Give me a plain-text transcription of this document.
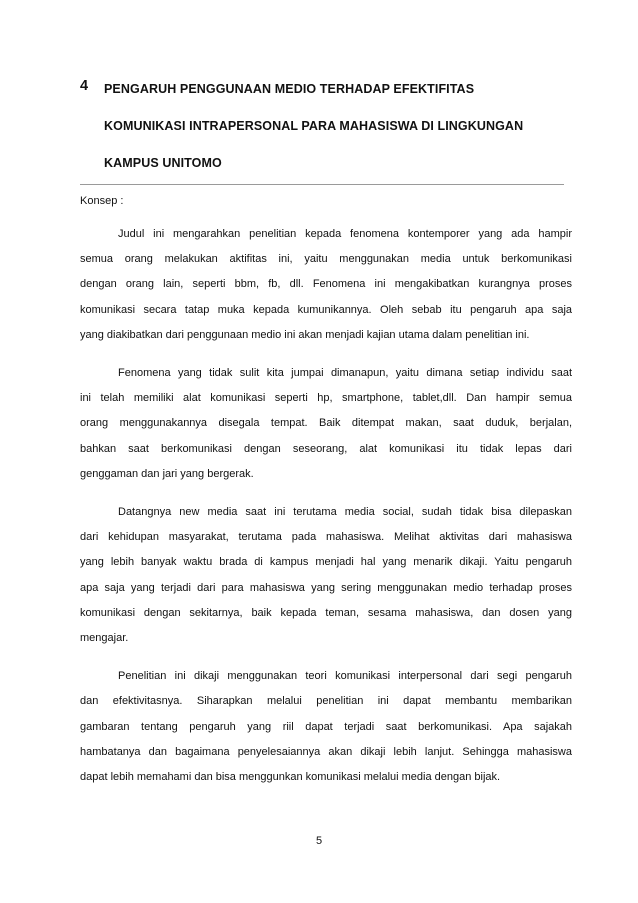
4 PENGARUH PENGGUNAAN MEDIO TERHADAP EFEKTIFITAS
KOMUNIKASI INTRAPERSONAL PARA MAHASISWA DI LINGKUNGAN
KAMPUS UNITOMO
Konsep :

Judul ini mengarahkan penelitian kepada fenomena kontemporer yang ada hampir
semua orang melakukan aktifitas ini, yaitu menggunakan media untuk berkomunikasi
dengan orang lain, seperti bbm, fb, dll. Fenomena ini mengakibatkan kurangnya proses
komunikasi secara tatap muka kepada kumunikannya. Oleh sebab itu pengaruh apa saja
yang diakibatkan dari penggunaan medio ini akan menjadi kajian utama dalam penelitian ini.

Fenomena yang tidak sulit kita jumpai dimanapun, yaitu dimana setiap individu saat
ini telah memiliki alat komunikasi seperti hp, smartphone, tablet,dll. Dan hampir semua
orang menggunakannya disegala tempat. Baik ditempat makan, saat duduk, berjalan,
bahkan saat berkomunikasi dengan seseorang, alat komunikasi itu tidak lepas dari
genggaman dan jari yang bergerak.

Datangnya new media saat ini terutama media social, sudah tidak bisa dilepaskan
dari kehidupan masyarakat, terutama pada mahasiswa. Melihat aktivitas dari mahasiswa
yang lebih banyak waktu brada di kampus menjadi hal yang menarik dikaji. Yaitu pengaruh
apa saja yang terjadi dari para mahasiswa yang sering menggunakan medio terhadap proses
komunikasi dengan sekitarnya, baik kepada teman, sesama mahasiswa, dan dosen yang
mengajar.

Penelitian ini dikaji menggunakan teori komunikasi interpersonal dari segi pengaruh
dan efektivitasnya. Siharapkan melalui penelitian ini dapat membantu membarikan
gambaran tentang pengaruh yang riil dapat terjadi saat berkomunikasi. Apa sajakah
hambatanya dan bagaimana penyelesaiannya akan dikaji lebih lanjut. Sehingga mahasiswa
dapat lebih memahami dan bisa menggunkan komunikasi melalui media dengan bijak.

5
